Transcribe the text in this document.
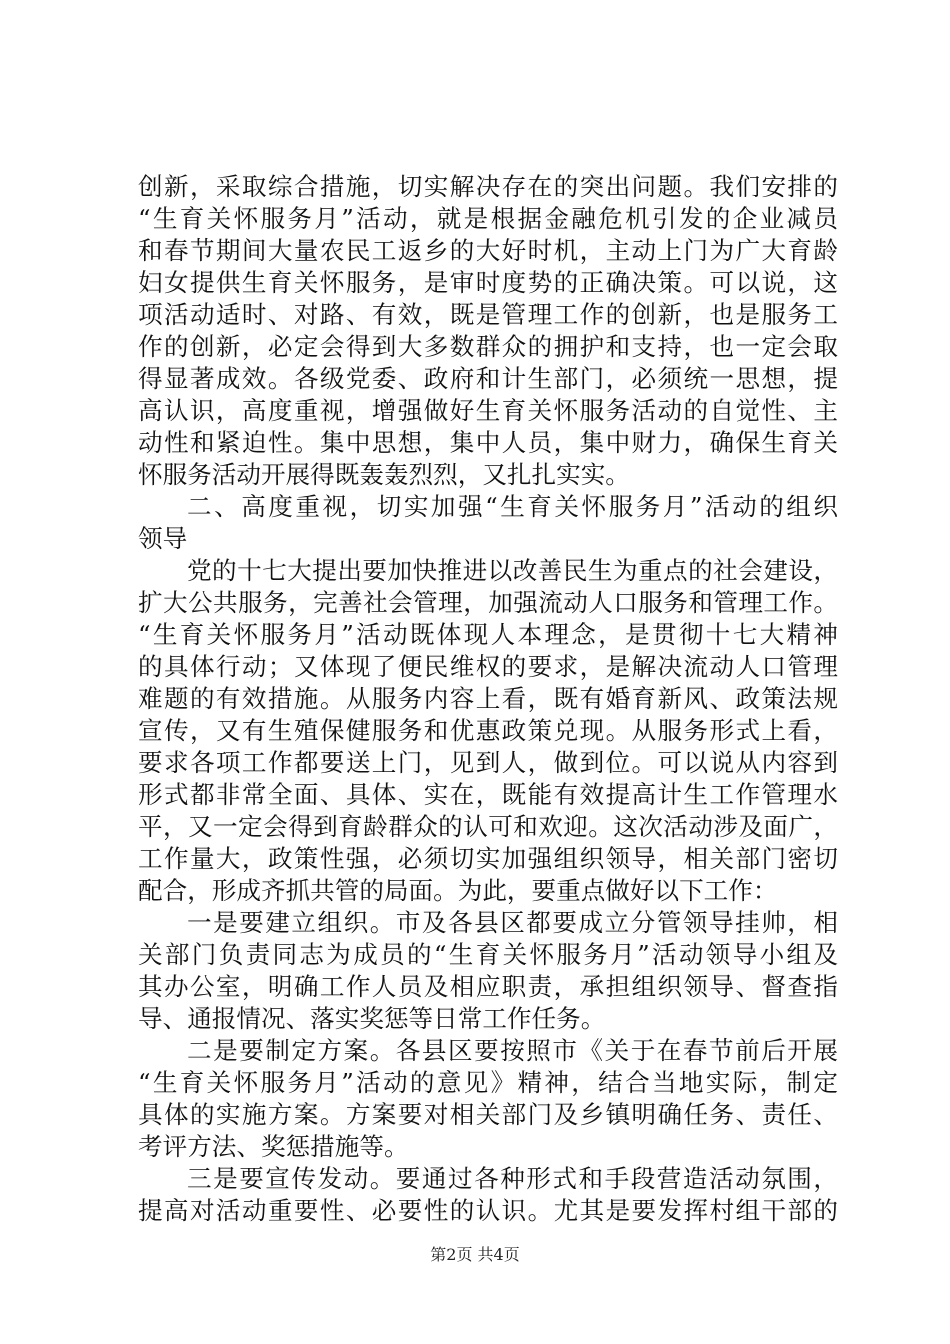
创新，采取综合措施，切实解决存在的突出问题。我们安排的
“生育关怀服务月”活动，就是根据金融危机引发的企业减员
和春节期间大量农民工返乡的大好时机，主动上门为广大育龄
妇女提供生育关怀服务，是审时度势的正确决策。可以说，这
项活动适时、对路、有效，既是管理工作的创新，也是服务工
作的创新，必定会得到大多数群众的拥护和支持，也一定会取
得显著成效。各级党委、政府和计生部门，必须统一思想，提
高认识，高度重视，增强做好生育关怀服务活动的自觉性、主
动性和紧迫性。集中思想，集中人员，集中财力，确保生育关
怀服务活动开展得既轰轰烈烈，又扎扎实实。
二、高度重视，切实加强“生育关怀服务月”活动的组织
领导
党的十七大提出要加快推进以改善民生为重点的社会建设，
扩大公共服务，完善社会管理，加强流动人口服务和管理工作。
“生育关怀服务月”活动既体现人本理念，是贯彻十七大精神
的具体行动；又体现了便民维权的要求，是解决流动人口管理
难题的有效措施。从服务内容上看，既有婚育新风、政策法规
宣传，又有生殖保健服务和优惠政策兑现。从服务形式上看，
要求各项工作都要送上门，见到人，做到位。可以说从内容到
形式都非常全面、具体、实在，既能有效提高计生工作管理水
平，又一定会得到育龄群众的认可和欢迎。这次活动涉及面广，
工作量大，政策性强，必须切实加强组织领导，相关部门密切
配合，形成齐抓共管的局面。为此，要重点做好以下工作：
一是要建立组织。市及各县区都要成立分管领导挂帅，相
关部门负责同志为成员的“生育关怀服务月”活动领导小组及
其办公室，明确工作人员及相应职责，承担组织领导、督查指
导、通报情况、落实奖惩等日常工作任务。
二是要制定方案。各县区要按照市《关于在春节前后开展
“生育关怀服务月”活动的意见》精神，结合当地实际，制定
具体的实施方案。方案要对相关部门及乡镇明确任务、责任、
考评方法、奖惩措施等。
三是要宣传发动。要通过各种形式和手段营造活动氛围，
提高对活动重要性、必要性的认识。尤其是要发挥村组干部的
第2页 共4页
